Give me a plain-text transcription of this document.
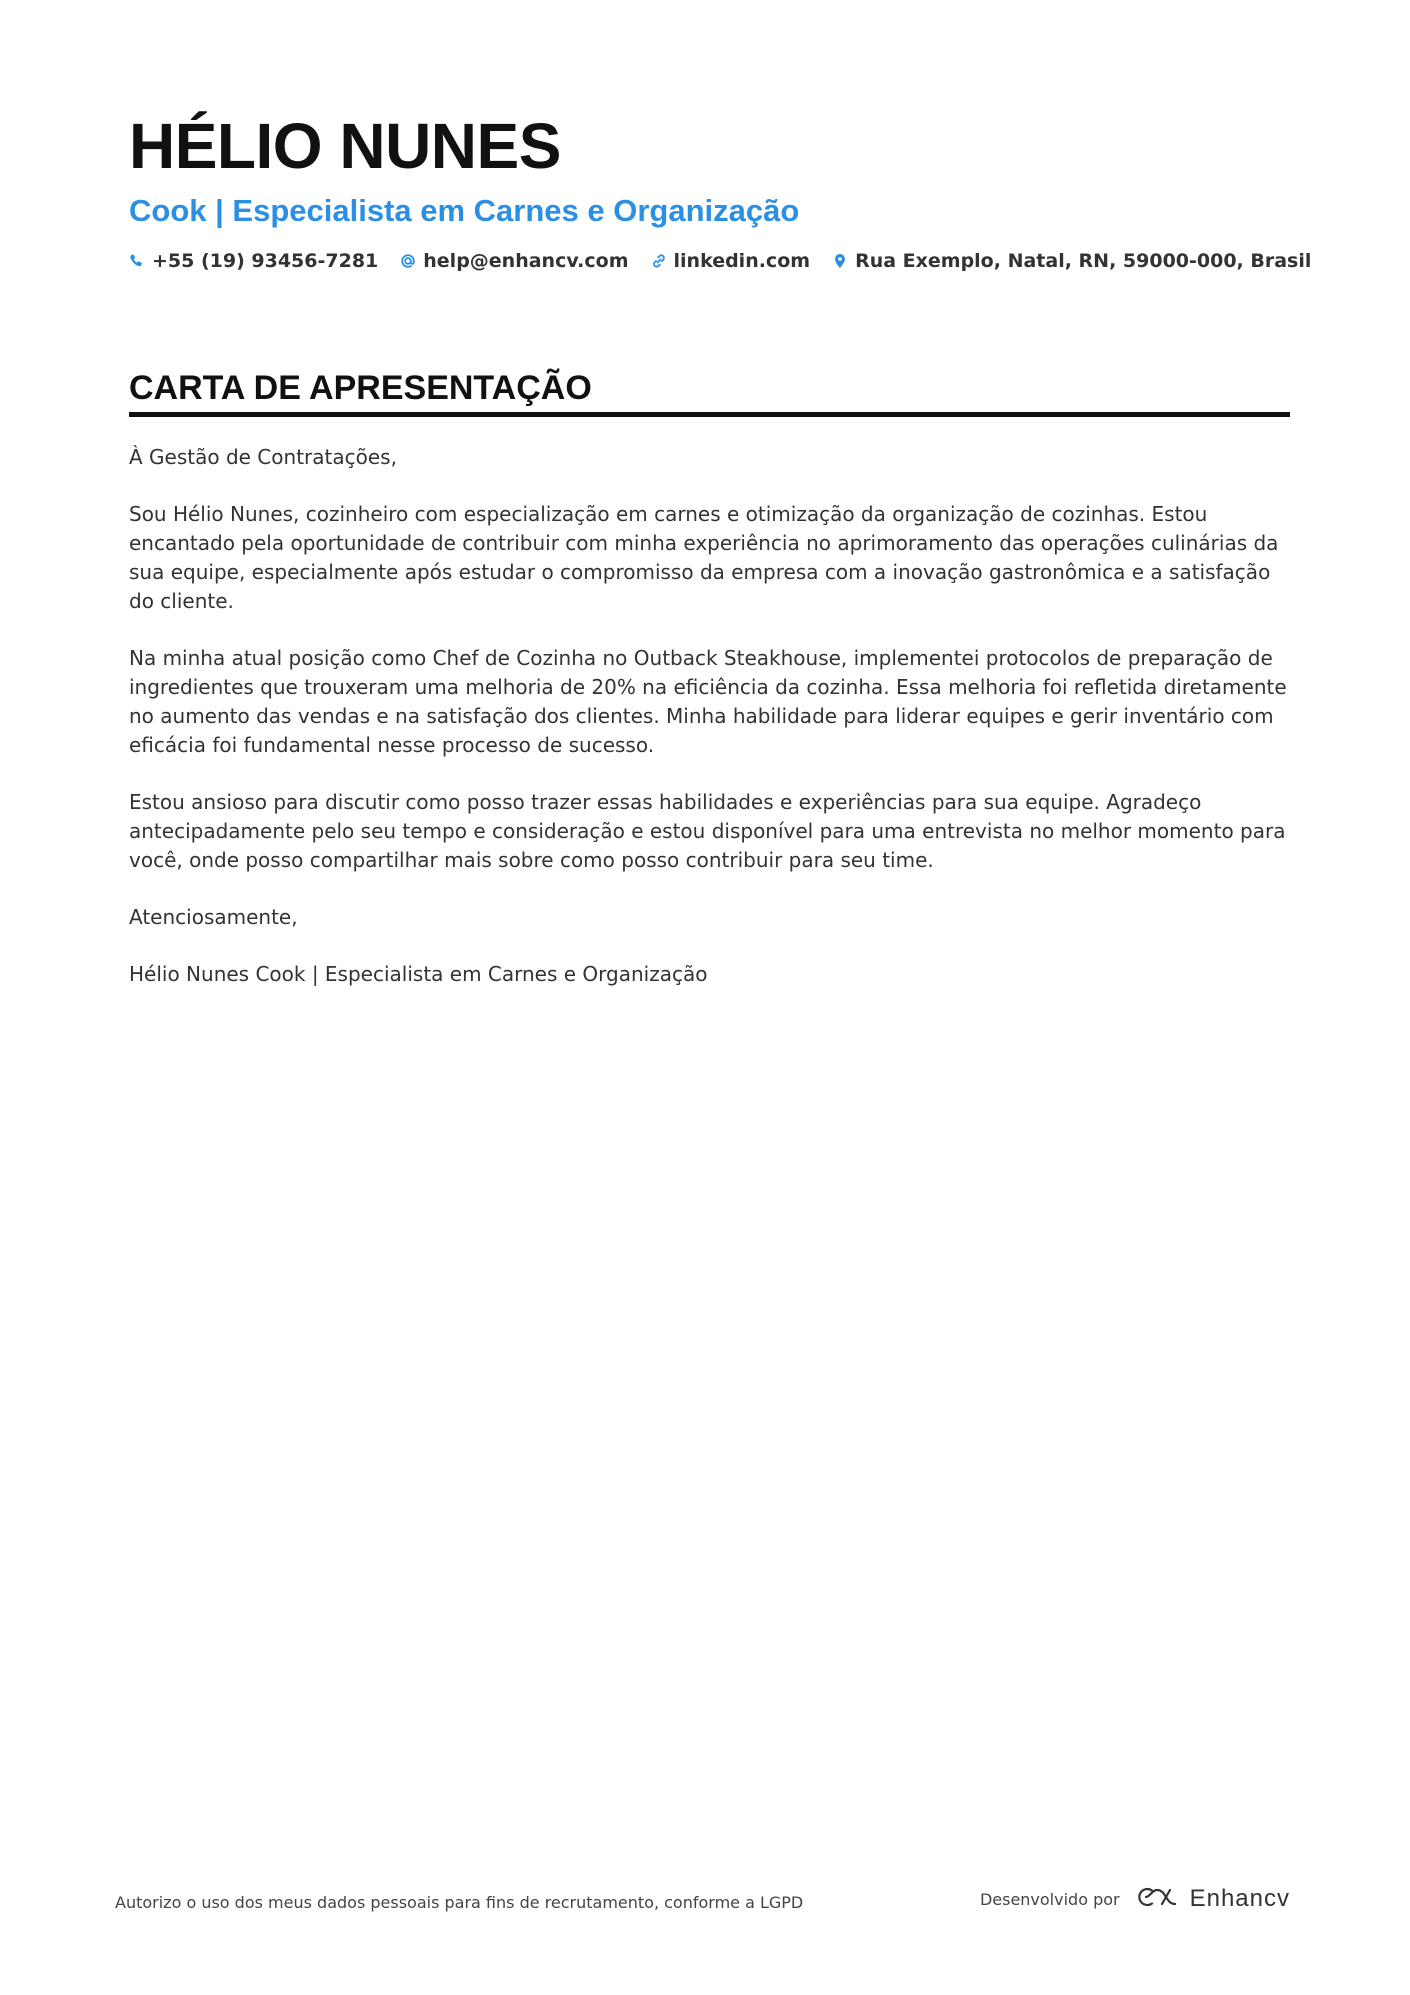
HÉLIO NUNES
Cook | Especialista em Carnes e Organização
+55 (19) 93456-7281 help@enhancv.com linkedin.com Rua Exemplo, Natal, RN, 59000-000, Brasil
CARTA DE APRESENTAÇÃO

À Gestão de Contratações,

Sou Hélio Nunes, cozinheiro com especialização em carnes e otimização da organização de cozinhas. Estou encantado pela oportunidade de contribuir com minha experiência no aprimoramento das operações culinárias da sua equipe, especialmente após estudar o compromisso da empresa com a inovação gastronômica e a satisfação do cliente.

Na minha atual posição como Chef de Cozinha no Outback Steakhouse, implementei protocolos de preparação de ingredientes que trouxeram uma melhoria de 20% na eficiência da cozinha. Essa melhoria foi refletida diretamente no aumento das vendas e na satisfação dos clientes. Minha habilidade para liderar equipes e gerir inventário com eficácia foi fundamental nesse processo de sucesso.

Estou ansioso para discutir como posso trazer essas habilidades e experiências para sua equipe. Agradeço antecipadamente pelo seu tempo e consideração e estou disponível para uma entrevista no melhor momento para você, onde posso compartilhar mais sobre como posso contribuir para seu time.

Atenciosamente,

Hélio Nunes Cook | Especialista em Carnes e Organização

Autorizo o uso dos meus dados pessoais para fins de recrutamento, conforme a LGPD	Desenvolvido por	Enhancv
